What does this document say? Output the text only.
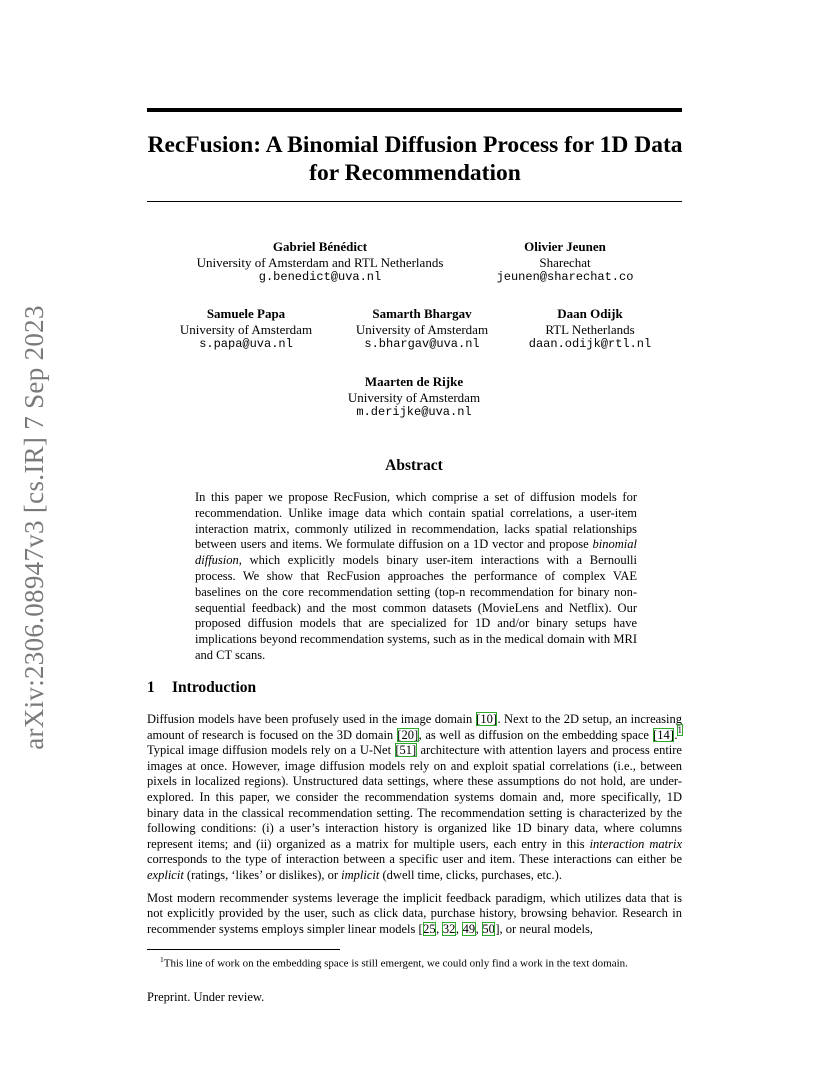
arXiv:2306.08947v3 [cs.IR] 7 Sep 2023
RecFusion: A Binomial Diffusion Process for 1D Data
for Recommendation
Gabriel Bénédict
University of Amsterdam and RTL Netherlands
g.benedict@uva.nl
Olivier Jeunen
Sharechat
jeunen@sharechat.co
Samuele Papa
University of Amsterdam
s.papa@uva.nl
Samarth Bhargav
University of Amsterdam
s.bhargav@uva.nl
Daan Odijk
RTL Netherlands
daan.odijk@rtl.nl
Maarten de Rijke
University of Amsterdam
m.derijke@uva.nl
Abstract

In this paper we propose RecFusion, which comprise a set of diffusion models for recommendation. Unlike image data which contain spatial correlations, a user-item interaction matrix, commonly utilized in recommendation, lacks spatial relationships between users and items. We formulate diffusion on a 1D vector and propose binomial diffusion, which explicitly models binary user-item interactions with a Bernoulli process. We show that RecFusion approaches the performance of complex VAE baselines on the core recommendation setting (top-n recommendation for binary non-sequential feedback) and the most common datasets (MovieLens and Netflix). Our proposed diffusion models that are specialized for 1D and/or binary setups have implications beyond recommendation systems, such as in the medical domain with MRI and CT scans.

1 Introduction

Diffusion models have been profusely used in the image domain [10]. Next to the 2D setup, an increasing amount of research is focused on the 3D domain [20], as well as diffusion on the embedding space [14].$^1$ Typical image diffusion models rely on a U-Net [51] architecture with attention layers and process entire images at once. However, image diffusion models rely on and exploit spatial correlations (i.e., between pixels in localized regions). Unstructured data settings, where these assumptions do not hold, are under-explored. In this paper, we consider the recommendation systems domain and, more specifically, 1D binary data in the classical recommendation setting. The recommendation setting is characterized by the following conditions: (i) a user’s interaction history is organized like 1D binary data, where columns represent items; and (ii) organized as a matrix for multiple users, each entry in this interaction matrix corresponds to the type of interaction between a specific user and item. These interactions can either be explicit (ratings, ‘likes’ or dislikes), or implicit (dwell time, clicks, purchases, etc.).

Most modern recommender systems leverage the implicit feedback paradigm, which utilizes data that is not explicitly provided by the user, such as click data, purchase history, browsing behavior. Research in recommender systems employs simpler linear models [25, 32, 49, 50], or neural models,

$^1$This line of work on the embedding space is still emergent, we could only find a work in the text domain.
Preprint. Under review.
